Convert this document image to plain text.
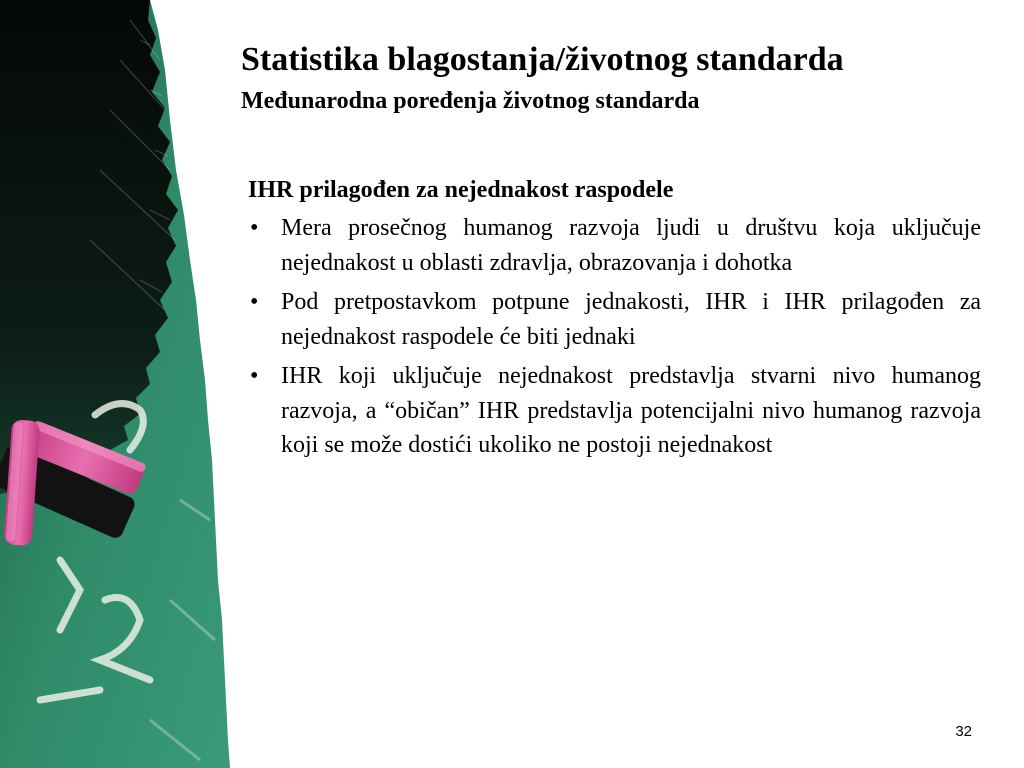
Statistika blagostanja/životnog standarda
Međunarodna poređenja životnog standarda

IHR prilagođen za nejednakost raspodele

• Mera prosečnog humanog razvoja ljudi u društvu koja uključuje nejednakost u oblasti zdravlja, obrazovanja i dohotka
• Pod pretpostavkom potpune jednakosti, IHR i IHR prilagođen za nejednakost raspodele će biti jednaki
• IHR koji uključuje nejednakost predstavlja stvarni nivo humanog razvoja, a “običan” IHR predstavlja potencijalni nivo humanog razvoja koji se može dostići ukoliko ne postoji nejednakost
32
